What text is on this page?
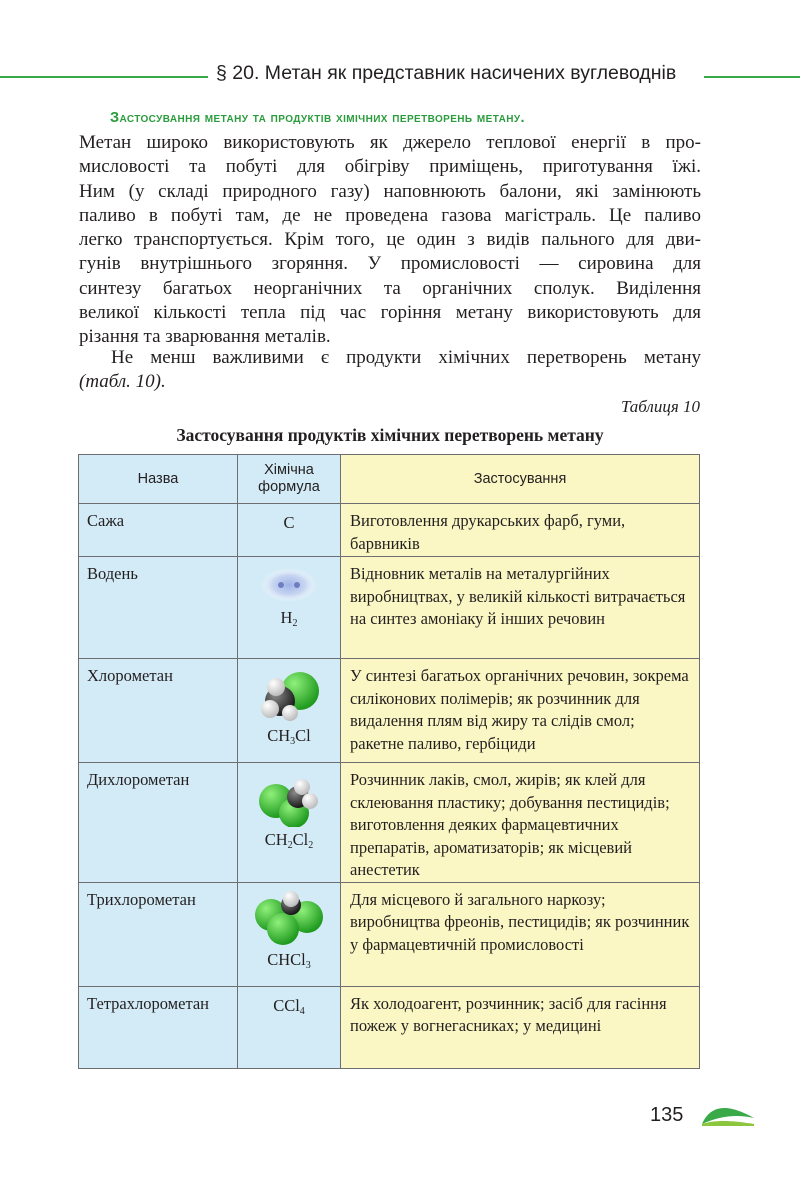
§ 20. Метан як представник насичених вуглеводнів
Застосування метану та продуктів хімічних перетворень метану.
Метан широко використовують як джерело теплової енергії в про-
мисловості та побуті для обігріву приміщень, приготування їжі.
Ним (у складі природного газу) наповнюють балони, які замінюють
паливо в побуті там, де не проведена газова магістраль. Це паливо
легко транспортується. Крім того, це один з видів пального для дви-
гунів внутрішнього згоряння. У промисловості — сировина для
синтезу багатьох неорганічних та органічних сполук. Виділення
великої кількості тепла під час горіння метану використовують для
різання та зварювання металів.
Не менш важливими є продукти хімічних перетворень метану
(табл. 10).
Таблиця 10
Застосування продуктів хімічних перетворень метану
Назва	Хімічна формула	Застосування
Сажа	C	Виготовлення друкарських фарб, гуми, барвників
Водень	$H_2$	Відновник металів на металургійних виробництвах, у великій кількості витрачається на синтез амоніаку й інших речовин
Хлорометан	$CH_3Cl$	У синтезі багатьох органічних речовин, зокрема силіконових полімерів; як розчинник для видалення плям від жиру та слідів смол; ракетне паливо, гербіциди
Дихлорометан	$CH_2Cl_2$	Розчинник лаків, смол, жирів; як клей для склеювання пластику; добування пестицидів; виготовлення деяких фармацевтичних препаратів, ароматизаторів; як місцевий анестетик
Трихлорометан	CHCl$_3$	Для місцевого й загального наркозу; виробництва фреонів, пестицидів; як розчинник у фармацевтичній промисловості
Тетрахлорометан	CCl$_4$	Як холодоагент, розчинник; засіб для гасіння пожеж у вогнегасниках; у медицині
135
